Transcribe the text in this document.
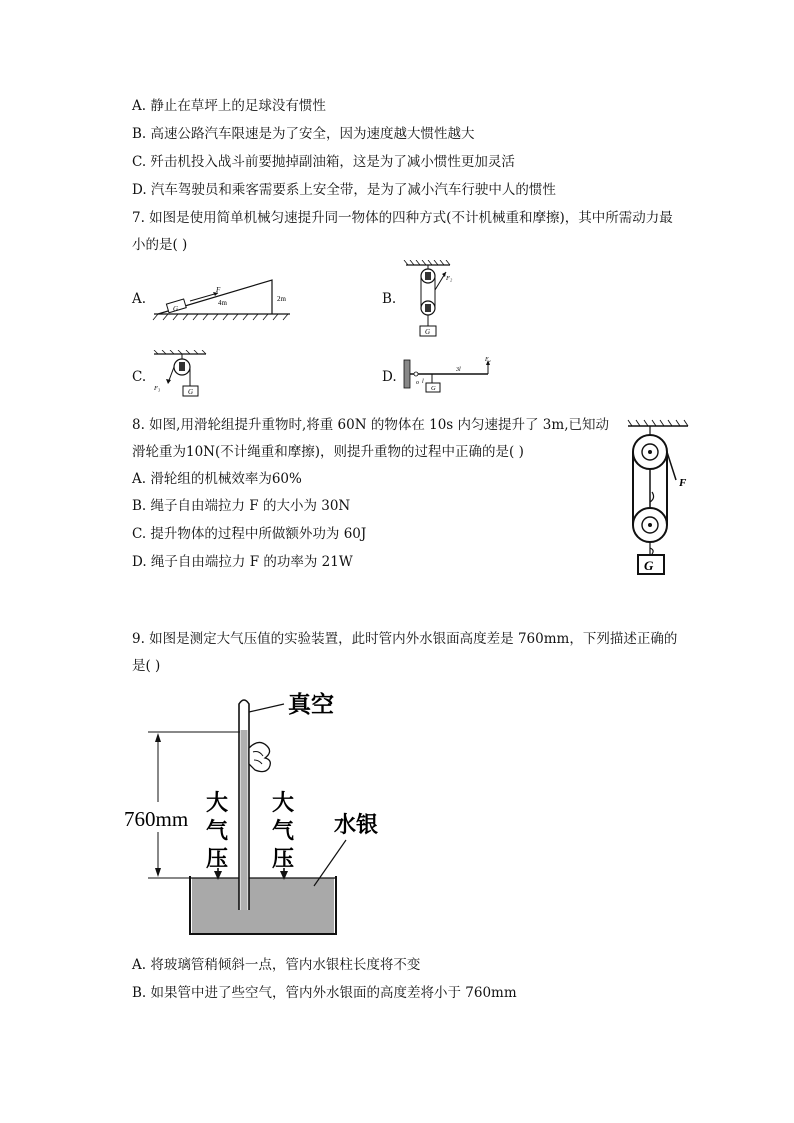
A. 静止在草坪上的足球没有惯性
B. 高速公路汽车限速是为了安全，因为速度越大惯性越大
C. 歼击机投入战斗前要抛掉副油箱，这是为了减小惯性更加灵活
D. 汽车驾驶员和乘客需要系上安全带，是为了减小汽车行驶中人的惯性
7. 如图是使用简单机械匀速提升同一物体的四种方式(不计机械重和摩擦)，其中所需动力最
小的是( )
A.	B.
C.	D.
G
F
4m	2m
G
F₂
G
F₃
o
G
l
3l
F₄
8. 如图,用滑轮组提升重物时,将重 60N 的物体在 10s 内匀速提升了 3m,已知动
滑轮重为10N(不计绳重和摩擦)，则提升重物的过程中正确的是( )
A. 滑轮组的机械效率为60%
B. 绳子自由端拉力 F 的大小为 30N
C. 提升物体的过程中所做额外功为 60J
D. 绳子自由端拉力 F 的功率为 21W	G
F
9. 如图是测定大气压值的实验装置，此时管内外水银面高度差是 760mm，下列描述正确的
是( )
真空
760mm
大
气
压
大
气
压
水银
A. 将玻璃管稍倾斜一点，管内水银柱长度将不变
B. 如果管中进了些空气，管内外水银面的高度差将小于 760mm
